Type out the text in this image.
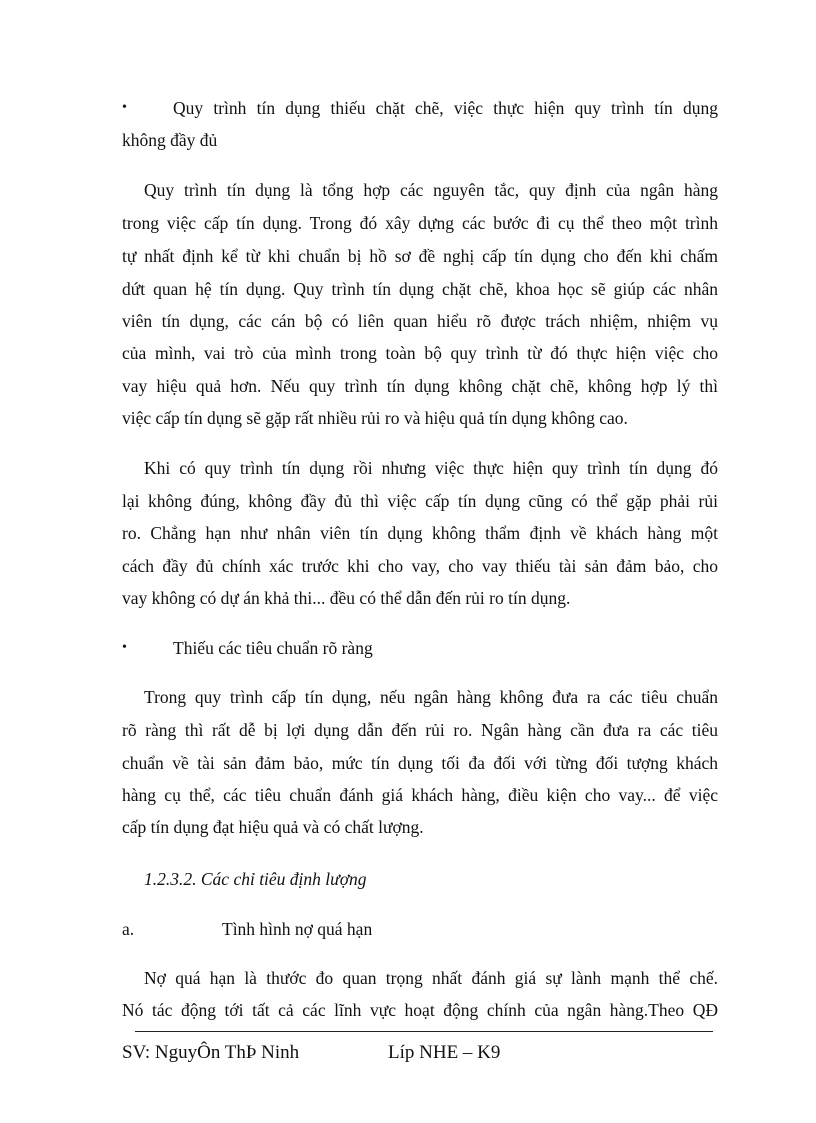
•	Quy trình tín dụng thiếu chặt chẽ, việc thực hiện quy trình tín dụng
không đầy đủ
Quy trình tín dụng là tổng hợp các nguyên tắc, quy định của ngân hàng
trong việc cấp tín dụng. Trong đó xây dựng các bước đi cụ thể theo một trình
tự nhất định kể từ khi chuẩn bị hồ sơ đề nghị cấp tín dụng cho đến khi chấm
dứt quan hệ tín dụng. Quy trình tín dụng chặt chẽ, khoa học sẽ giúp các nhân
viên tín dụng, các cán bộ có liên quan hiểu rõ được trách nhiệm, nhiệm vụ
của mình, vai trò của mình trong toàn bộ quy trình từ đó thực hiện việc cho
vay hiệu quả hơn. Nếu quy trình tín dụng không chặt chẽ, không hợp lý thì
việc cấp tín dụng sẽ gặp rất nhiều rủi ro và hiệu quả tín dụng không cao.
Khi có quy trình tín dụng rồi nhưng việc thực hiện quy trình tín dụng đó
lại không đúng, không đầy đủ thì việc cấp tín dụng cũng có thể gặp phải rủi
ro. Chẳng hạn như nhân viên tín dụng không thẩm định về khách hàng một
cách đầy đủ chính xác trước khi cho vay, cho vay thiếu tài sản đảm bảo, cho
vay không có dự án khả thi... đều có thể dẫn đến rủi ro tín dụng.
•	Thiếu các tiêu chuẩn rõ ràng
Trong quy trình cấp tín dụng, nếu ngân hàng không đưa ra các tiêu chuẩn
rõ ràng thì rất dễ bị lợi dụng dẫn đến rủi ro. Ngân hàng cần đưa ra các tiêu
chuẩn về tài sản đảm bảo, mức tín dụng tối đa đối với từng đối tượng khách
hàng cụ thể, các tiêu chuẩn đánh giá khách hàng, điều kiện cho vay... để việc
cấp tín dụng đạt hiệu quả và có chất lượng.
1.2.3.2. Các chỉ tiêu định lượng
a.	Tình hình nợ quá hạn
Nợ quá hạn là thước đo quan trọng nhất đánh giá sự lành mạnh thể chế.
Nó tác động tới tất cả các lĩnh vực hoạt động chính của ngân hàng.Theo QĐ
SV: NguyÔn ThÞ Ninh	Líp NHE – K9
